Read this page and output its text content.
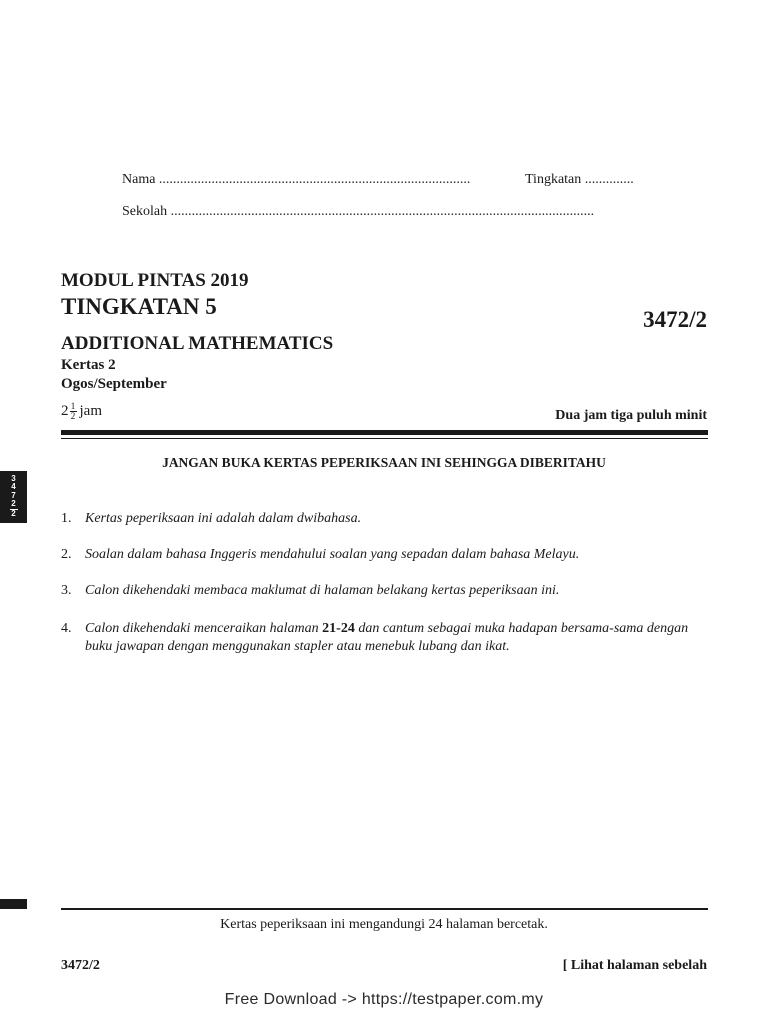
Nama .........................................................................................	Tingkatan ..............
Sekolah .........................................................................................................................
MODUL PINTAS 2019
TINGKATAN 5
3472/2
ADDITIONAL MATHEMATICS
Kertas 2
Ogos/September
$2 \frac{1}{2}$ jam	Dua jam tiga puluh minit
JANGAN BUKA KERTAS PEPERIKSAAN INI SEHINGGA DIBERITAHU
1. Kertas peperiksaan ini adalah dalam dwibahasa.
2. Soalan dalam bahasa Inggeris mendahului soalan yang sepadan dalam bahasa Melayu.
3. Calon dikehendaki membaca maklumat di halaman belakang kertas peperiksaan ini.
4. Calon dikehendaki menceraikan halaman 21-24 dan cantum sebagai muka hadapan bersama-sama dengan buku jawapan dengan menggunakan stapler atau menebuk lubang dan ikat.
3
4
7
2
2
Kertas peperiksaan ini mengandungi 24 halaman bercetak.
3472/2	[ Lihat halaman sebelah
Free Download -> https://testpaper.com.my
